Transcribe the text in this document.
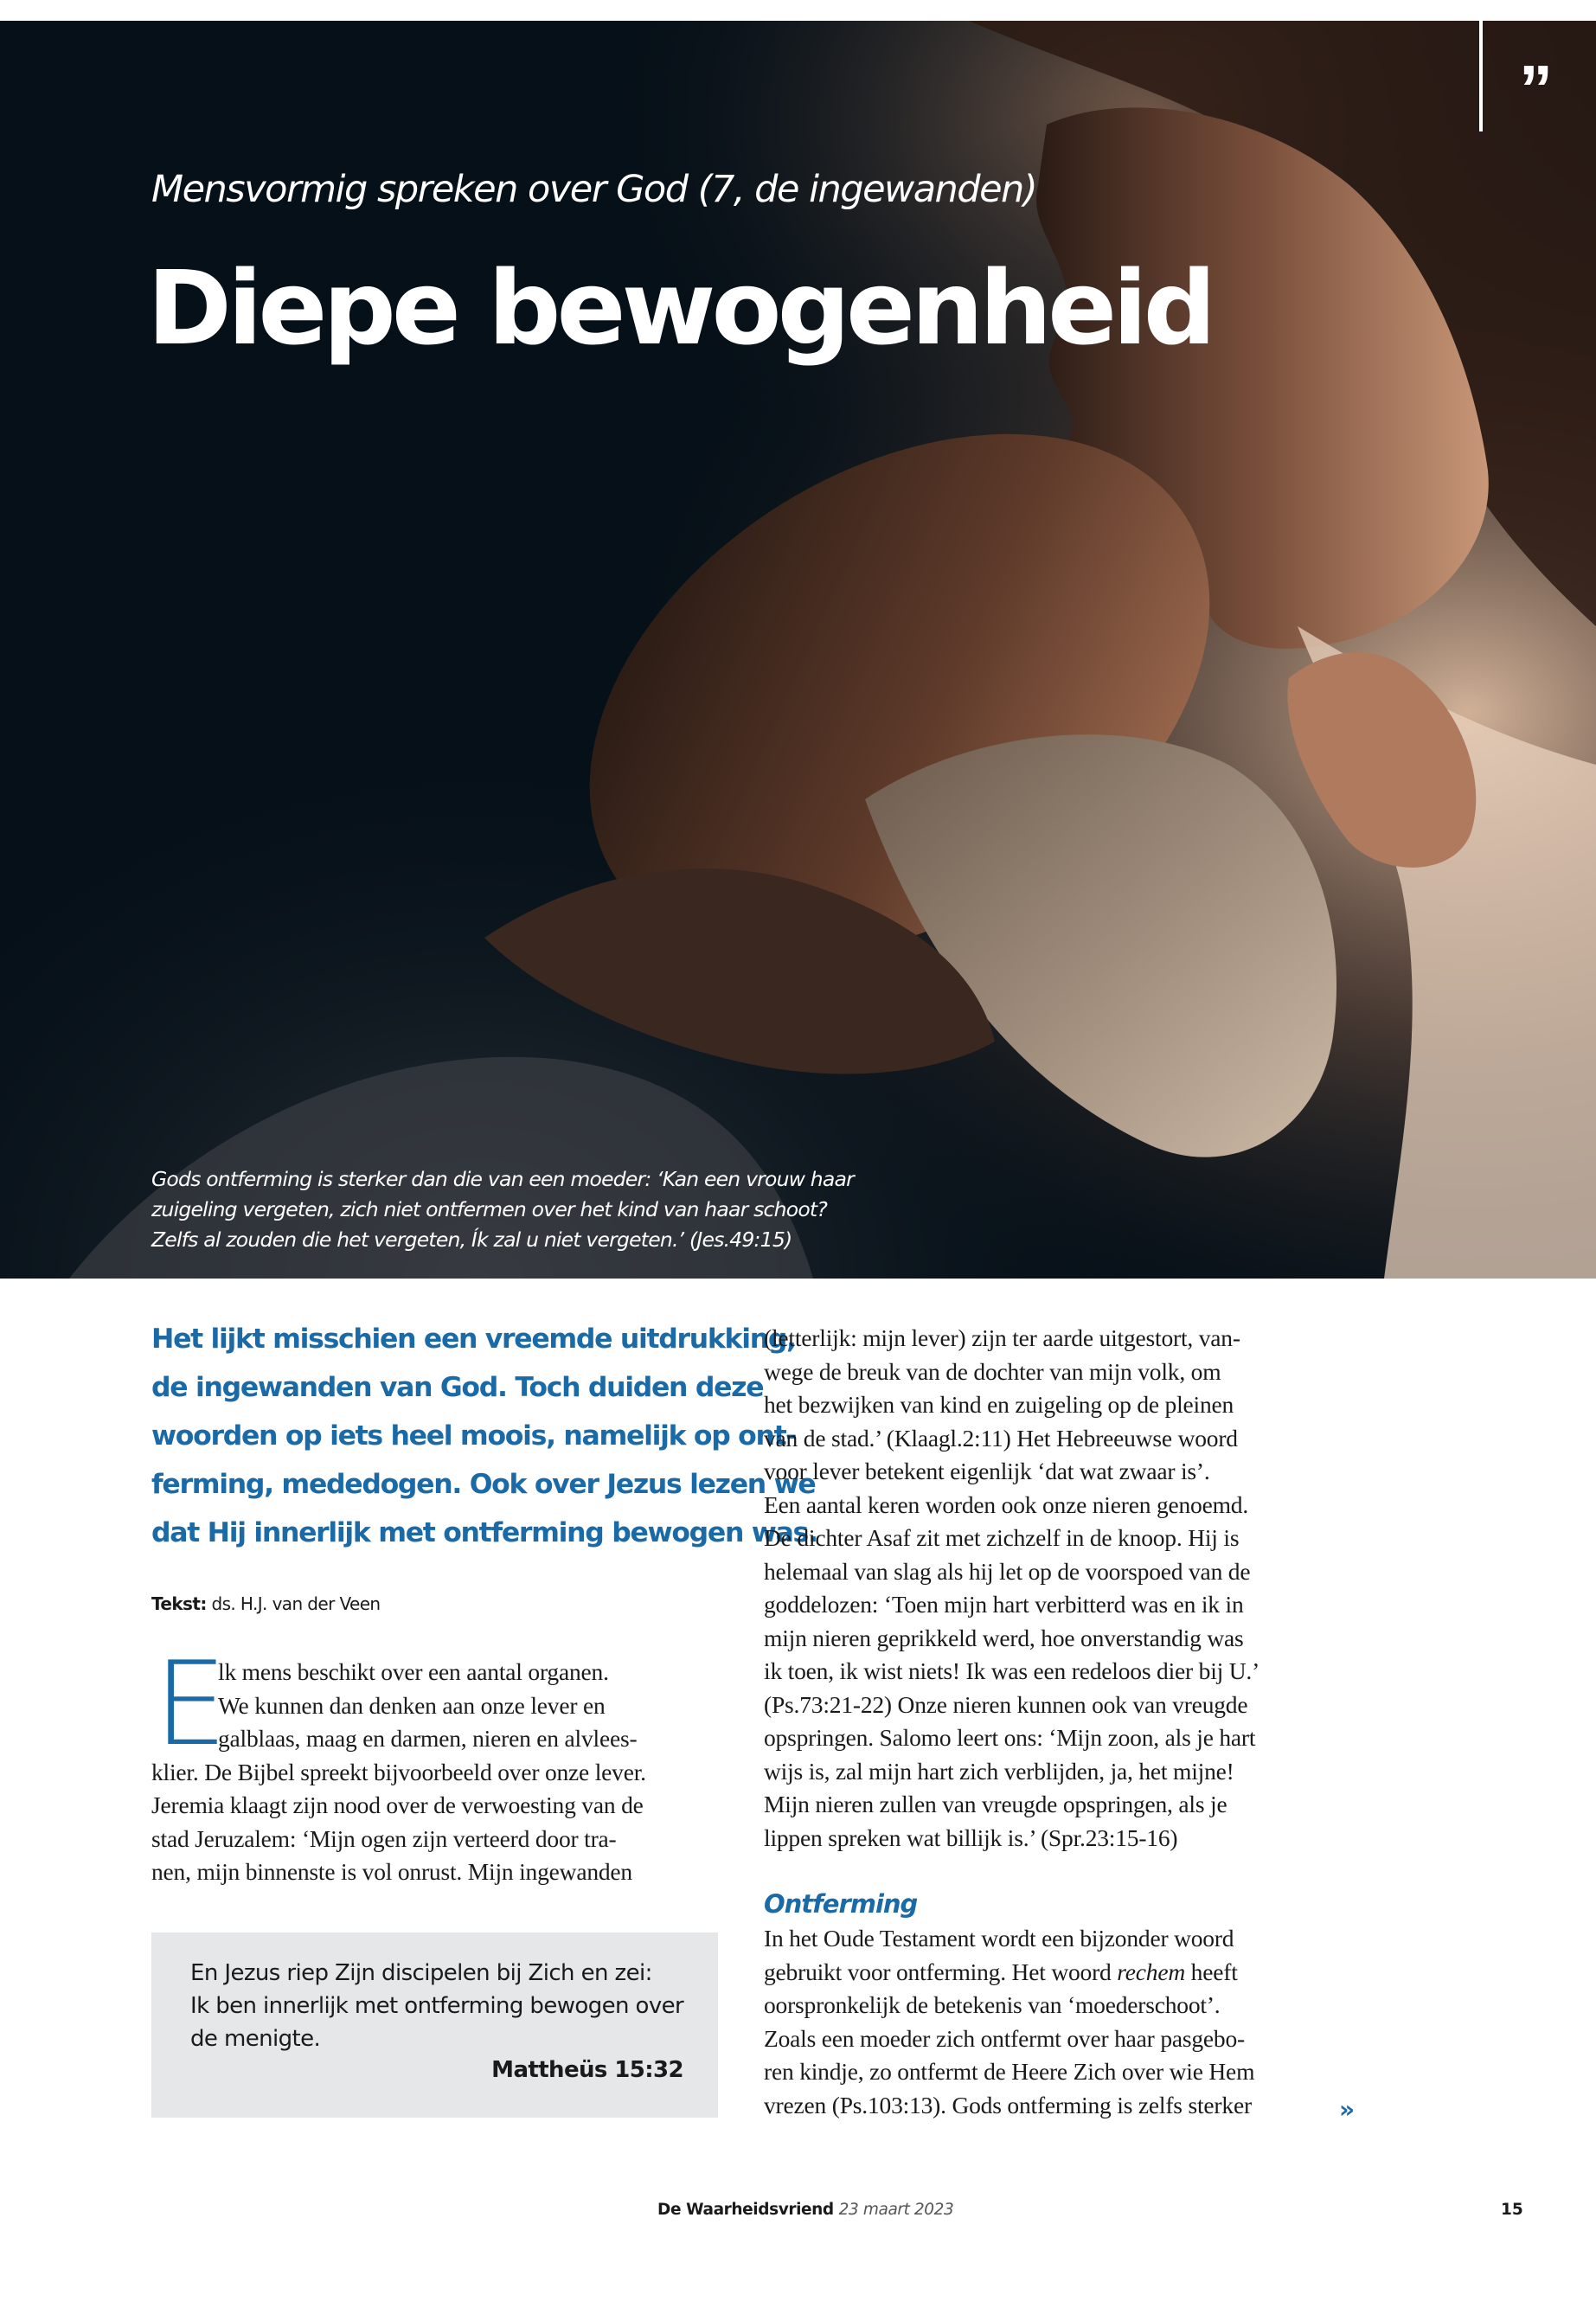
”
Mensvormig spreken over God (7, de ingewanden)
Diepe bewogenheid
Gods ontferming is sterker dan die van een moeder: ‘Kan een vrouw haar
zuigeling vergeten, zich niet ontfermen over het kind van haar schoot?
Zelfs al zouden die het vergeten, Ík zal u niet vergeten.’ (Jes.49:15)
Het lijkt misschien een vreemde uitdrukking,
de ingewanden van God. Toch duiden deze
woorden op iets heel moois, namelijk op ont-
ferming, mededogen. Ook over Jezus lezen we
dat Hij innerlijk met ontferming bewogen was.
Tekst: ds. H.J. van der Veen
E
lk mens beschikt over een aantal organen.
We kunnen dan denken aan onze lever en
galblaas, maag en darmen, nieren en alvlees-
klier. De Bijbel spreekt bijvoorbeeld over onze lever.
Jeremia klaagt zijn nood over de verwoesting van de
stad Jeruzalem: ‘Mijn ogen zijn verteerd door tra-
nen, mijn binnenste is vol onrust. Mijn ingewanden
En Jezus riep Zijn discipelen bij Zich en zei:
Ik ben innerlijk met ontferming bewogen over
de menigte.
Mattheüs 15:32
(letterlijk: mijn lever) zijn ter aarde uitgestort, van-
wege de breuk van de dochter van mijn volk, om
het bezwijken van kind en zuigeling op de pleinen
van de stad.’ (Klaagl.2:11) Het Hebreeuwse woord
voor lever betekent eigenlijk ‘dat wat zwaar is’.
Een aantal keren worden ook onze nieren genoemd.
De dichter Asaf zit met zichzelf in de knoop. Hij is
helemaal van slag als hij let op de voorspoed van de
goddelozen: ‘Toen mijn hart verbitterd was en ik in
mijn nieren geprikkeld werd, hoe onverstandig was
ik toen, ik wist niets! Ik was een redeloos dier bij U.’
(Ps.73:21-22) Onze nieren kunnen ook van vreugde
opspringen. Salomo leert ons: ‘Mijn zoon, als je hart
wijs is, zal mijn hart zich verblijden, ja, het mijne!
Mijn nieren zullen van vreugde opspringen, als je
lippen spreken wat billijk is.’ (Spr.23:15-16)
Ontferming
In het Oude Testament wordt een bijzonder woord
gebruikt voor ontferming. Het woord rechem heeft
oorspronkelijk de betekenis van ‘moederschoot’.
Zoals een moeder zich ontfermt over haar pasgebo-
ren kindje, zo ontfermt de Heere Zich over wie Hem
vrezen (Ps.103:13). Gods ontferming is zelfs sterker	»
De Waarheidsvriend 23 maart 2023	15
